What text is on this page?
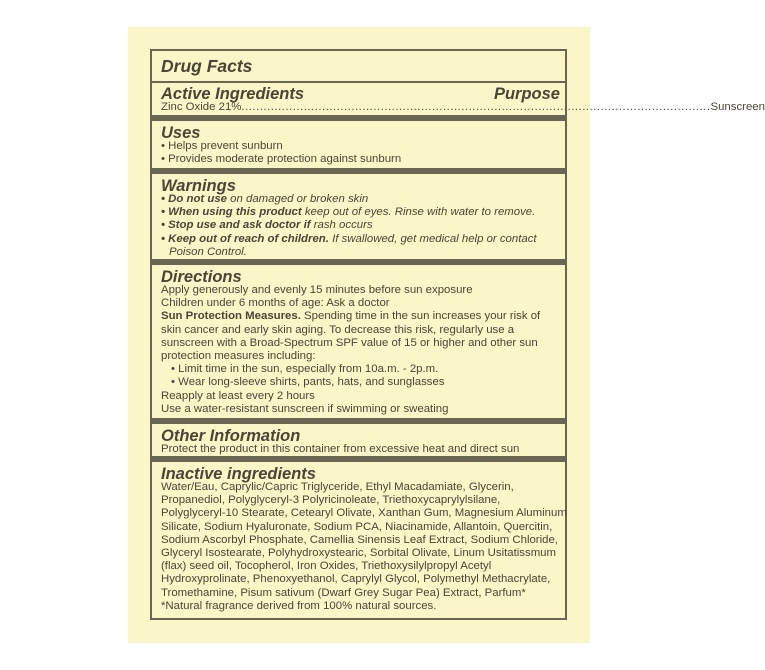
Drug Facts
Active Ingredients	Purpose
Zinc Oxide 21% ................................................................................................................................ Sunscreen
Uses
• Helps prevent sunburn
• Provides moderate protection against sunburn
Warnings
• Do not use on damaged or broken skin
• When using this product keep out of eyes. Rinse with water to remove.
• Stop use and ask doctor if rash occurs
• Keep out of reach of children. If swallowed, get medical help or contact
Poison Control.
Directions
Apply generously and evenly 15 minutes before sun exposure
Children under 6 months of age: Ask a doctor
Sun Protection Measures. Spending time in the sun increases your risk of
skin cancer and early skin aging. To decrease this risk, regularly use a
sunscreen with a Broad-Spectrum SPF value of 15 or higher and other sun
protection measures including:
• Limit time in the sun, especially from 10a.m. - 2p.m.
• Wear long-sleeve shirts, pants, hats, and sunglasses
Reapply at least every 2 hours
Use a water-resistant sunscreen if swimming or sweating
Other Information
Protect the product in this container from excessive heat and direct sun
Inactive ingredients
Water/Eau, Caprylic/Capric Triglyceride, Ethyl Macadamiate, Glycerin,
Propanediol, Polyglyceryl-3 Polyricinoleate, Triethoxycaprylylsilane,
Polyglyceryl-10 Stearate, Cetearyl Olivate, Xanthan Gum, Magnesium Aluminum
Silicate, Sodium Hyaluronate, Sodium PCA, Niacinamide, Allantoin, Quercitin,
Sodium Ascorbyl Phosphate, Camellia Sinensis Leaf Extract, Sodium Chloride,
Glyceryl Isostearate, Polyhydroxystearic, Sorbital Olivate, Linum Usitatissmum
(flax) seed oil, Tocopherol, Iron Oxides, Triethoxysilylpropyl Acetyl
Hydroxyprolinate, Phenoxyethanol, Caprylyl Glycol, Polymethyl Methacrylate,
Tromethamine, Pisum sativum (Dwarf Grey Sugar Pea) Extract, Parfum*
*Natural fragrance derived from 100% natural sources.
